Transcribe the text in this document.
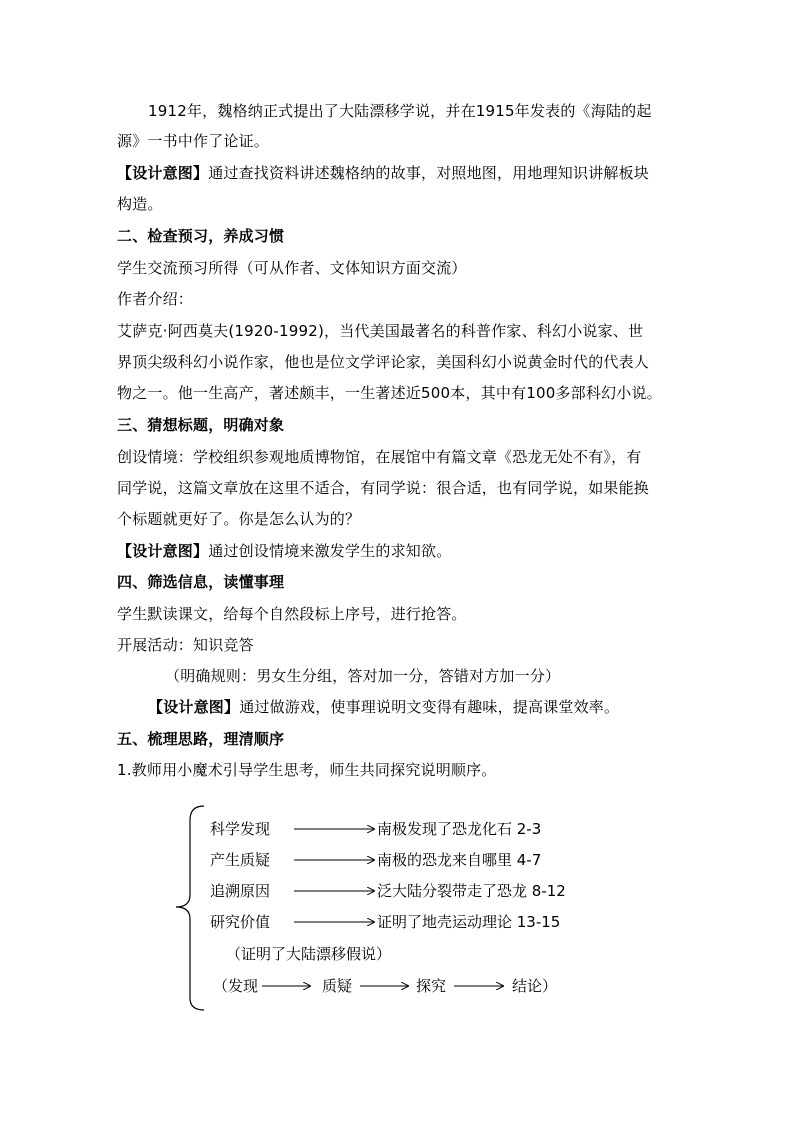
1912年，魏格纳正式提出了大陆漂移学说，并在1915年发表的《海陆的起
源》一书中作了论证。
【设计意图】通过查找资料讲述魏格纳的故事，对照地图，用地理知识讲解板块
构造。
二、检查预习，养成习惯
学生交流预习所得（可从作者、文体知识方面交流）
作者介绍：
艾萨克·阿西莫夫(1920-1992)，当代美国最著名的科普作家、科幻小说家、世
界顶尖级科幻小说作家，他也是位文学评论家，美国科幻小说黄金时代的代表人
物之一。他一生高产，著述颇丰，一生著述近500本，其中有100多部科幻小说。
三、猜想标题，明确对象
创设情境：学校组织参观地质博物馆，在展馆中有篇文章《恐龙无处不有》，有
同学说，这篇文章放在这里不适合，有同学说：很合适，也有同学说，如果能换
个标题就更好了。你是怎么认为的？
【设计意图】通过创设情境来激发学生的求知欲。
四、筛选信息，读懂事理
学生默读课文，给每个自然段标上序号，进行抢答。
开展活动：知识竞答
（明确规则：男女生分组，答对加一分，答错对方加一分）
【设计意图】通过做游戏，使事理说明文变得有趣味，提高课堂效率。
五、梳理思路，理清顺序
1.教师用小魔术引导学生思考，师生共同探究说明顺序。
科学发现	南极发现了恐龙化石 2-3
产生质疑	南极的恐龙来自哪里 4-7
追溯原因	泛大陆分裂带走了恐龙 8-12
研究价值	证明了地壳运动理论 13-15
（证明了大陆漂移假说）
（发现	质疑	探究	结论）
